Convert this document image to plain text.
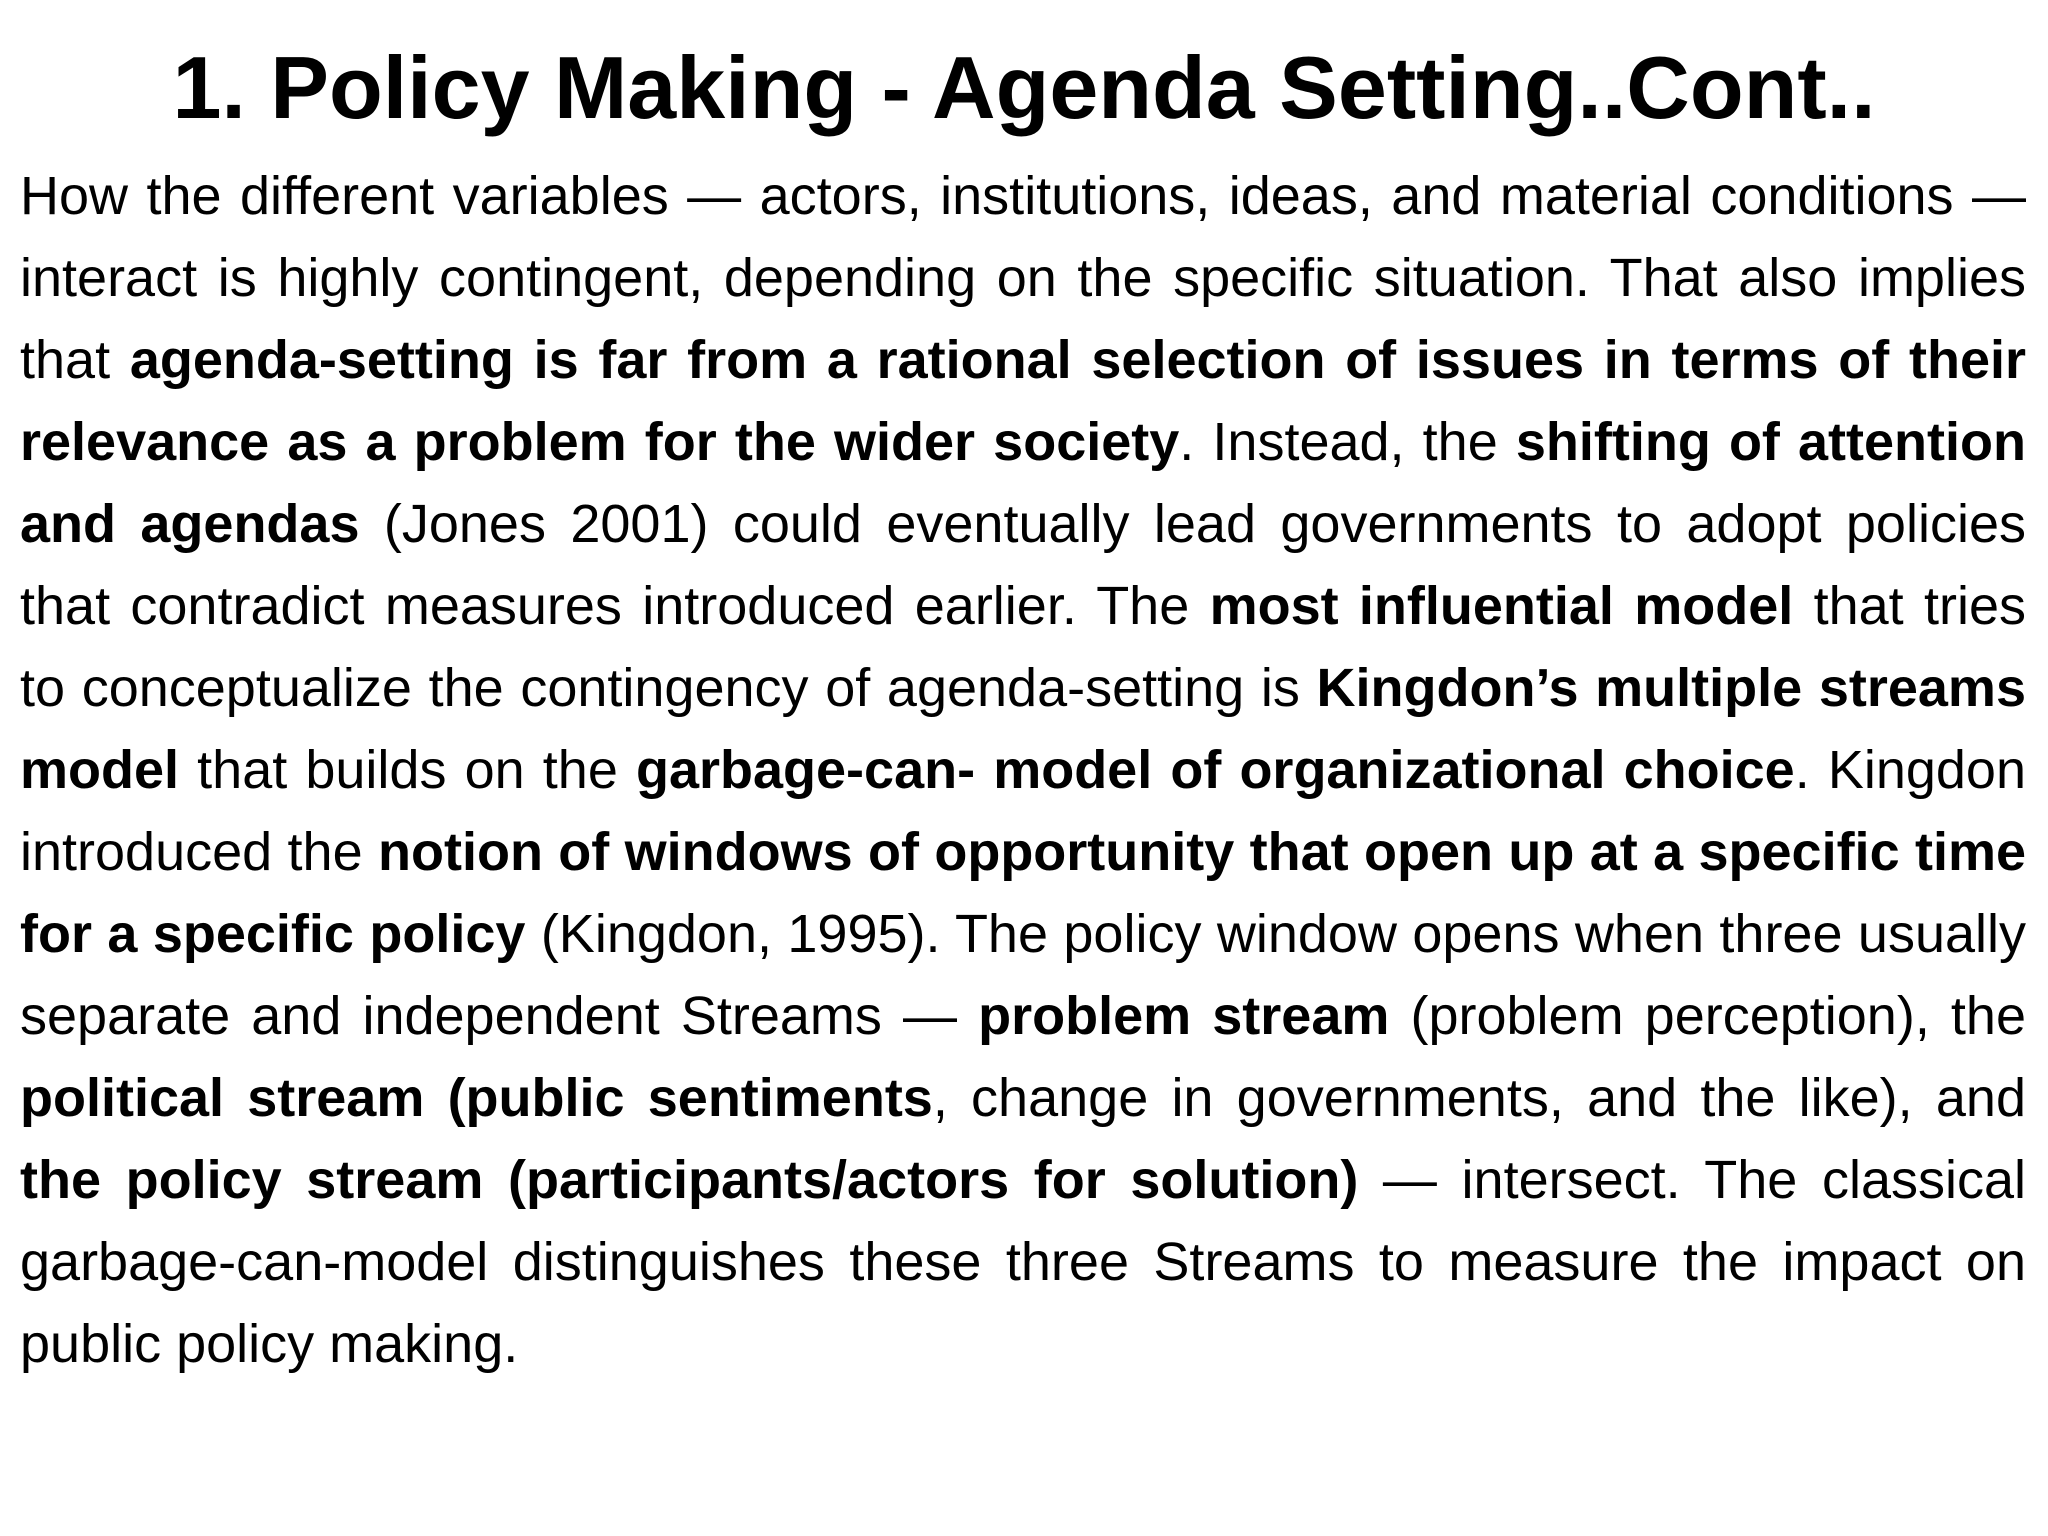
1. Policy Making - Agenda Setting..Cont..

How the different variables — actors, institutions, ideas, and material conditions — interact is highly contingent, depending on the specific situation. That also implies that agenda-setting is far from a rational selection of issues in terms of their relevance as a problem for the wider society. Instead, the shifting of attention and agendas (Jones 2001) could eventually lead governments to adopt policies that contradict measures introduced earlier. The most influential model that tries to conceptualize the contingency of agenda-setting is Kingdon’s multiple streams model that builds on the garbage-can- model of organizational choice. Kingdon introduced the notion of windows of opportunity that open up at a specific time for a specific policy (Kingdon, 1995). The policy window opens when three usually separate and independent Streams — problem stream (problem perception), the political stream (public sentiments, change in governments, and the like), and the policy stream (participants/actors for solution) — intersect. The classical garbage-can-model distinguishes these three Streams to measure the impact on public policy making.
